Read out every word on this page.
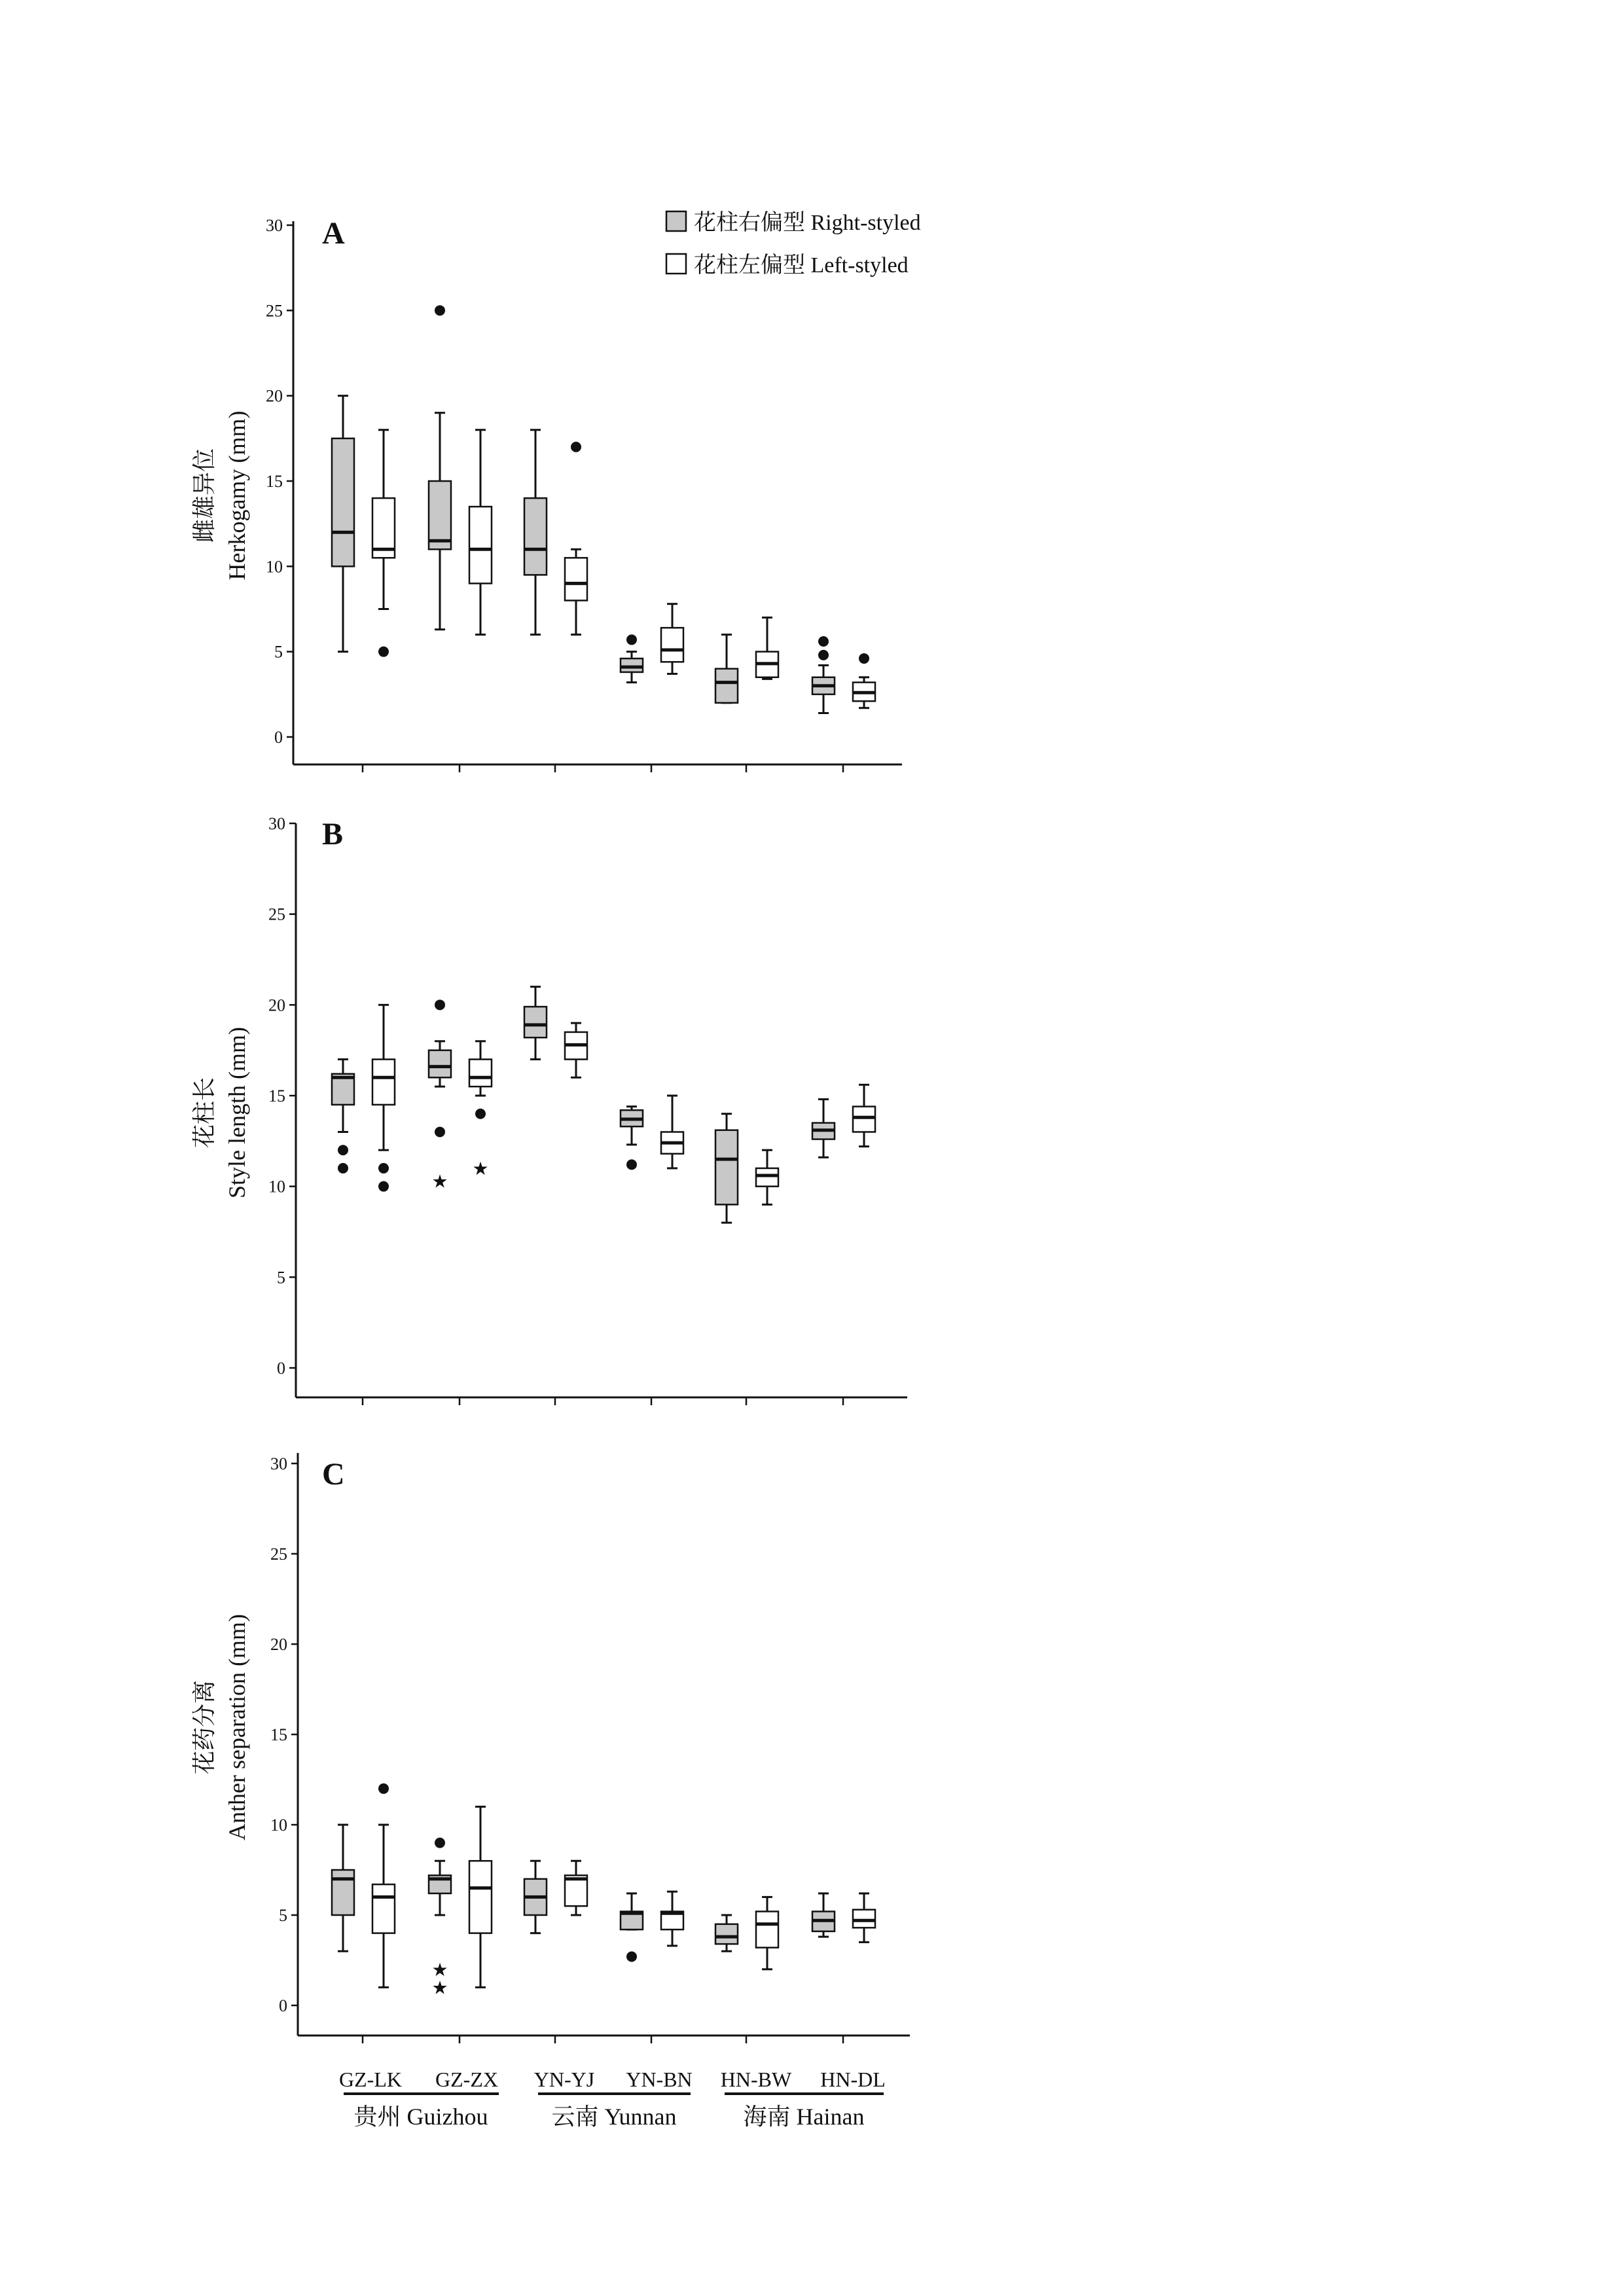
A
雌雄异位 Herkogamy (mm)
花柱右偏型 Right-styled
花柱左偏型 Left-styled
0
5
10
15
20
25
30
B
花柱长 Style length (mm)
0
5
10
15
20
25
30
★
★
C
花药分离 Anther separation (mm)
0
5
10
15
20
25
30
★
★
GZ-LK GZ-ZX YN-YJ YN-BN HN-BW HN-DL
贵州 Guizhou	云南 Yunnan	海南 Hainan
